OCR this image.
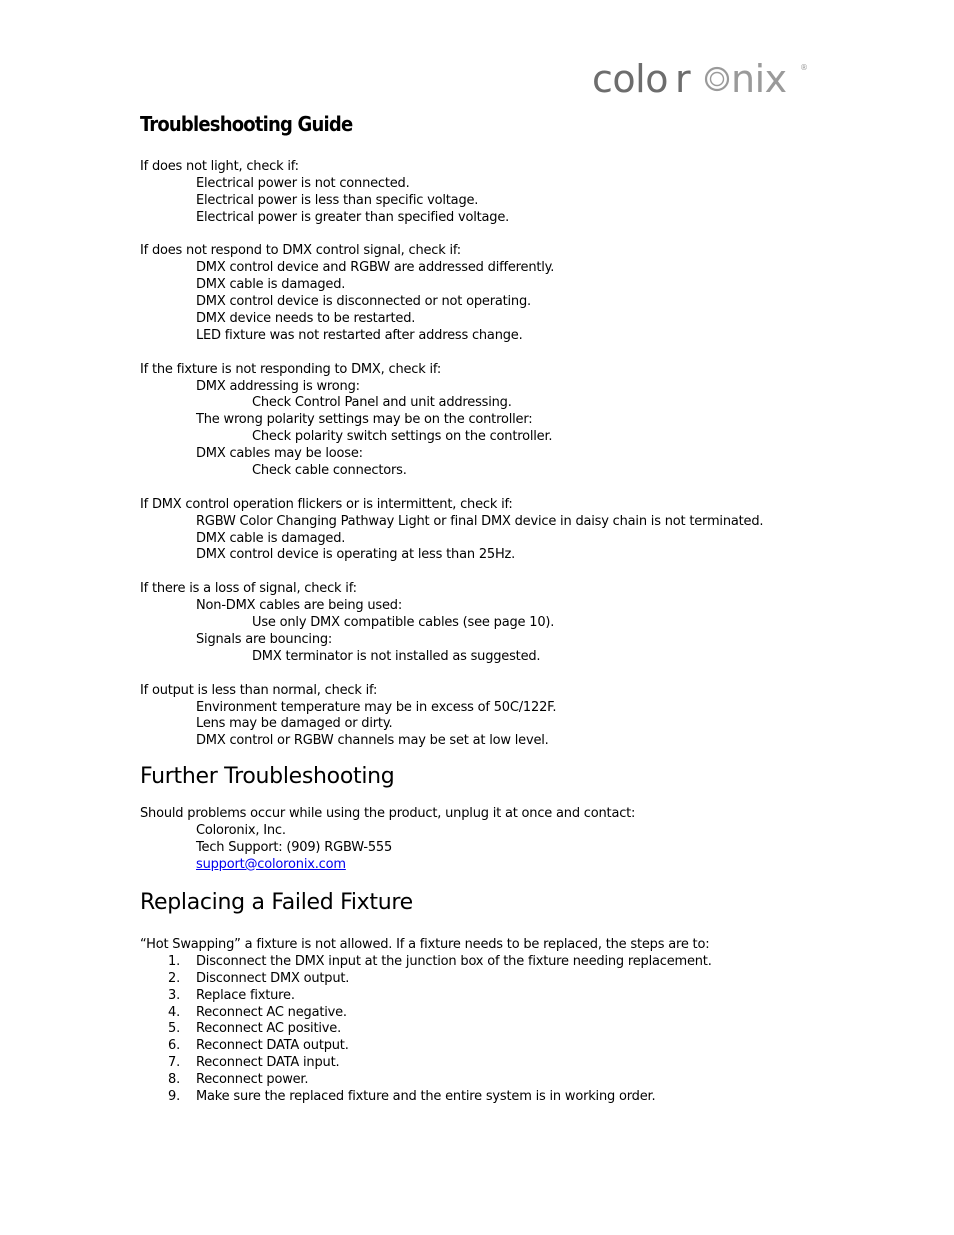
colo r nix ®
Troubleshooting Guide
If does not light, check if:
Electrical power is not connected.
Electrical power is less than specific voltage.
Electrical power is greater than specified voltage.
If does not respond to DMX control signal, check if:
DMX control device and RGBW are addressed differently.
DMX cable is damaged.
DMX control device is disconnected or not operating.
DMX device needs to be restarted.
LED fixture was not restarted after address change.
If the fixture is not responding to DMX, check if:
DMX addressing is wrong:
Check Control Panel and unit addressing.
The wrong polarity settings may be on the controller:
Check polarity switch settings on the controller.
DMX cables may be loose:
Check cable connectors.
If DMX control operation flickers or is intermittent, check if:
RGBW Color Changing Pathway Light or final DMX device in daisy chain is not terminated.
DMX cable is damaged.
DMX control device is operating at less than 25Hz.
If there is a loss of signal, check if:
Non-DMX cables are being used:
Use only DMX compatible cables (see page 10).
Signals are bouncing:
DMX terminator is not installed as suggested.
If output is less than normal, check if:
Environment temperature may be in excess of 50C/122F.
Lens may be damaged or dirty.
DMX control or RGBW channels may be set at low level.
Further Troubleshooting
Should problems occur while using the product, unplug it at once and contact:
Coloronix, Inc.
Tech Support: (909) RGBW-555
support@coloronix.com
Replacing a Failed Fixture
“Hot Swapping” a fixture is not allowed. If a fixture needs to be replaced, the steps are to:
1.	Disconnect the DMX input at the junction box of the fixture needing replacement.
2.	Disconnect DMX output.
3.	Replace fixture.
4.	Reconnect AC negative.
5.	Reconnect AC positive.
6.	Reconnect DATA output.
7.	Reconnect DATA input.
8.	Reconnect power.
9.	Make sure the replaced fixture and the entire system is in working order.
